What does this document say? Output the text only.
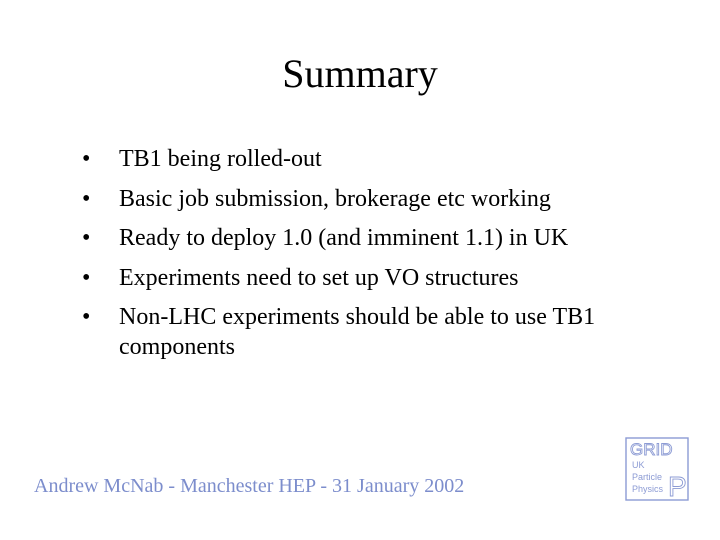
Summary
• TB1 being rolled-out
• Basic job submission, brokerage etc working
• Ready to deploy 1.0 (and imminent 1.1) in UK
• Experiments need to set up VO structures
• Non-LHC experiments should be able to use TB1 components
Andrew McNab - Manchester HEP - 31 January 2002
GRID
UK
Particle
Physics P
